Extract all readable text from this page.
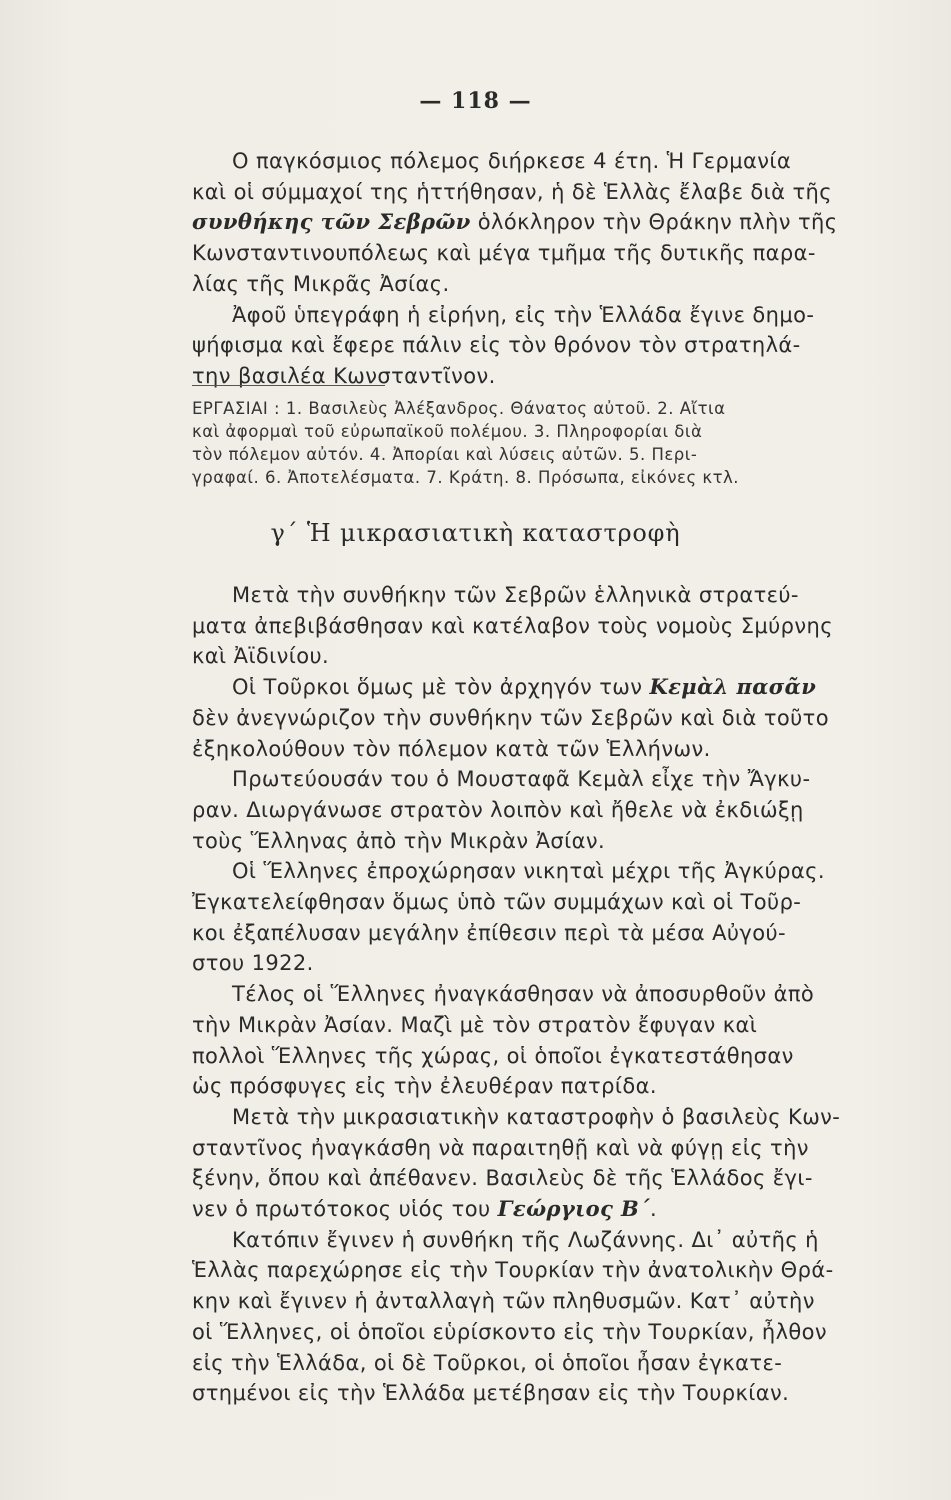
— 118 —

Ο παγκόσμιος πόλεμος διήρκεσε 4 έτη. Ἡ Γερμανία
καὶ οἱ σύμμαχοί της ἡττήθησαν, ἡ δὲ Ἑλλὰς ἔλαβε διὰ τῆς
συνθήκης τῶν Σεβρῶν ὁλόκληρον τὴν Θράκην πλὴν τῆς
Κωνσταντινουπόλεως καὶ μέγα τμῆμα τῆς δυτικῆς παρα-
λίας τῆς Μικρᾶς Ἀσίας.
Ἀφοῦ ὑπεγράφη ἡ εἰρήνη, εἰς τὴν Ἑλλάδα ἔγινε δημο-
ψήφισμα καὶ ἔφερε πάλιν εἰς τὸν θρόνον τὸν στρατηλά-
την βασιλέα Κωνσταντῖνον.

ΕΡΓΑΣΙΑΙ : 1. Βασιλεὺς Ἀλέξανδρος. Θάνατος αὐτοῦ. 2. Αἴτια
καὶ ἀφορμαὶ τοῦ εὐρωπαϊκοῦ πολέμου. 3. Πληροφορίαι διὰ
τὸν πόλεμον αὐτόν. 4. Ἀπορίαι καὶ λύσεις αὐτῶν. 5. Περι-
γραφαί. 6. Ἀποτελέσματα. 7. Κράτη. 8. Πρόσωπα, εἰκόνες κτλ.
γ΄ Ἡ μικρασιατικὴ καταστροφὴ

Μετὰ τὴν συνθήκην τῶν Σεβρῶν ἑλληνικὰ στρατεύ-
ματα ἀπεβιβάσθησαν καὶ κατέλαβον τοὺς νομοὺς Σμύρνης
καὶ Ἀϊδινίου.
Οἱ Τοῦρκοι ὅμως μὲ τὸν ἀρχηγόν των Κεμὰλ πασᾶν
δὲν ἀνεγνώριζον τὴν συνθήκην τῶν Σεβρῶν καὶ διὰ τοῦτο
ἐξηκολούθουν τὸν πόλεμον κατὰ τῶν Ἑλλήνων.
Πρωτεύουσάν του ὁ Μουσταφᾶ Κεμὰλ εἶχε τὴν Ἄγκυ-
ραν. Διωργάνωσε στρατὸν λοιπὸν καὶ ἤθελε νὰ ἐκδιώξῃ
τοὺς Ἕλληνας ἀπὸ τὴν Μικρὰν Ἀσίαν.
Οἱ Ἕλληνες ἐπροχώρησαν νικηταὶ μέχρι τῆς Ἀγκύρας.
Ἐγκατελείφθησαν ὅμως ὑπὸ τῶν συμμάχων καὶ οἱ Τοῦρ-
κοι ἐξαπέλυσαν μεγάλην ἐπίθεσιν περὶ τὰ μέσα Αὐγού-
στου 1922.
Τέλος οἱ Ἕλληνες ἠναγκάσθησαν νὰ ἀποσυρθοῦν ἀπὸ
τὴν Μικρὰν Ἀσίαν. Μαζὶ μὲ τὸν στρατὸν ἔφυγαν καὶ
πολλοὶ Ἕλληνες τῆς χώρας, οἱ ὁποῖοι ἐγκατεστάθησαν
ὡς πρόσφυγες εἰς τὴν ἐλευθέραν πατρίδα.
Μετὰ τὴν μικρασιατικὴν καταστροφὴν ὁ βασιλεὺς Κων-
σταντῖνος ἠναγκάσθη νὰ παραιτηθῇ καὶ νὰ φύγῃ εἰς τὴν
ξένην, ὅπου καὶ ἀπέθανεν. Βασιλεὺς δὲ τῆς Ἑλλάδος ἔγι-
νεν ὁ πρωτότοκος υἱός του Γεώργιος Β΄.
Κατόπιν ἔγινεν ἡ συνθήκη τῆς Λωζάννης. Δι᾽ αὐτῆς ἡ
Ἑλλὰς παρεχώρησε εἰς τὴν Τουρκίαν τὴν ἀνατολικὴν Θρά-
κην καὶ ἔγινεν ἡ ἀνταλλαγὴ τῶν πληθυσμῶν. Κατ᾽ αὐτὴν
οἱ Ἕλληνες, οἱ ὁποῖοι εὑρίσκοντο εἰς τὴν Τουρκίαν, ἦλθον
εἰς τὴν Ἑλλάδα, οἱ δὲ Τοῦρκοι, οἱ ὁποῖοι ἦσαν ἐγκατε-
στημένοι εἰς τὴν Ἑλλάδα μετέβησαν εἰς τὴν Τουρκίαν.
